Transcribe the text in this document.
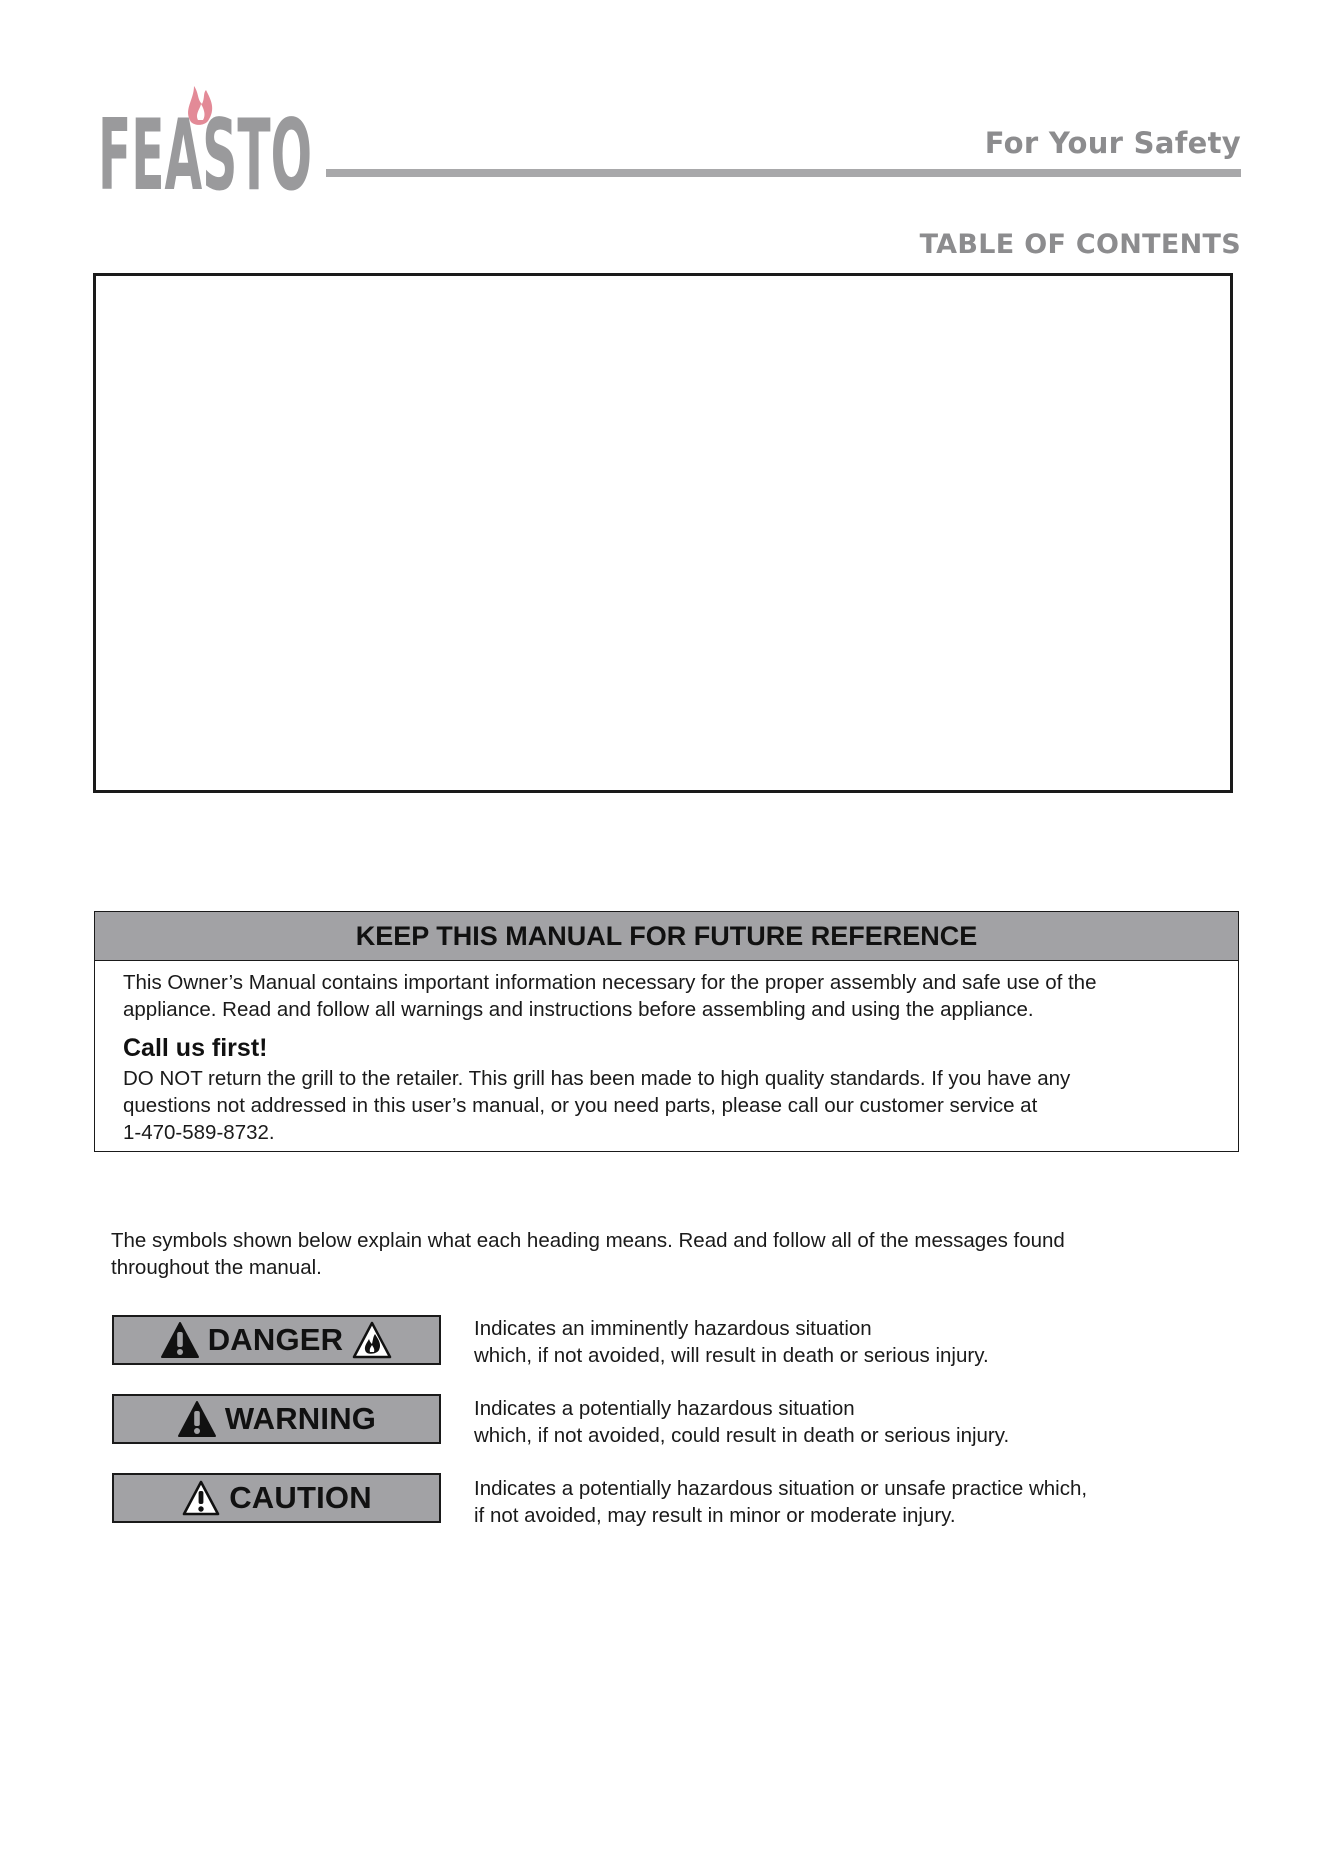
FEASTO	For Your Safety
TABLE OF CONTENTS
KEEP THIS MANUAL FOR FUTURE REFERENCE

This Owner’s Manual contains important information necessary for the proper assembly and safe use of the

appliance. Read and follow all warnings and instructions before assembling and using the appliance.

Call us first!

DO NOT return the grill to the retailer. This grill has been made to high quality standards. If you have any

questions not addressed in this user’s manual, or you need parts, please call our customer service at

1-470-589-8732.

The symbols shown below explain what each heading means. Read and follow all of the messages found
throughout the manual.
DANGER	Indicates an imminently hazardous situation

which, if not avoided, will result in death or serious injury.

WARNING	Indicates a potentially hazardous situation

which, if not avoided, could result in death or serious injury.

CAUTION	Indicates a potentially hazardous situation or unsafe practice which,

if not avoided, may result in minor or moderate injury.
